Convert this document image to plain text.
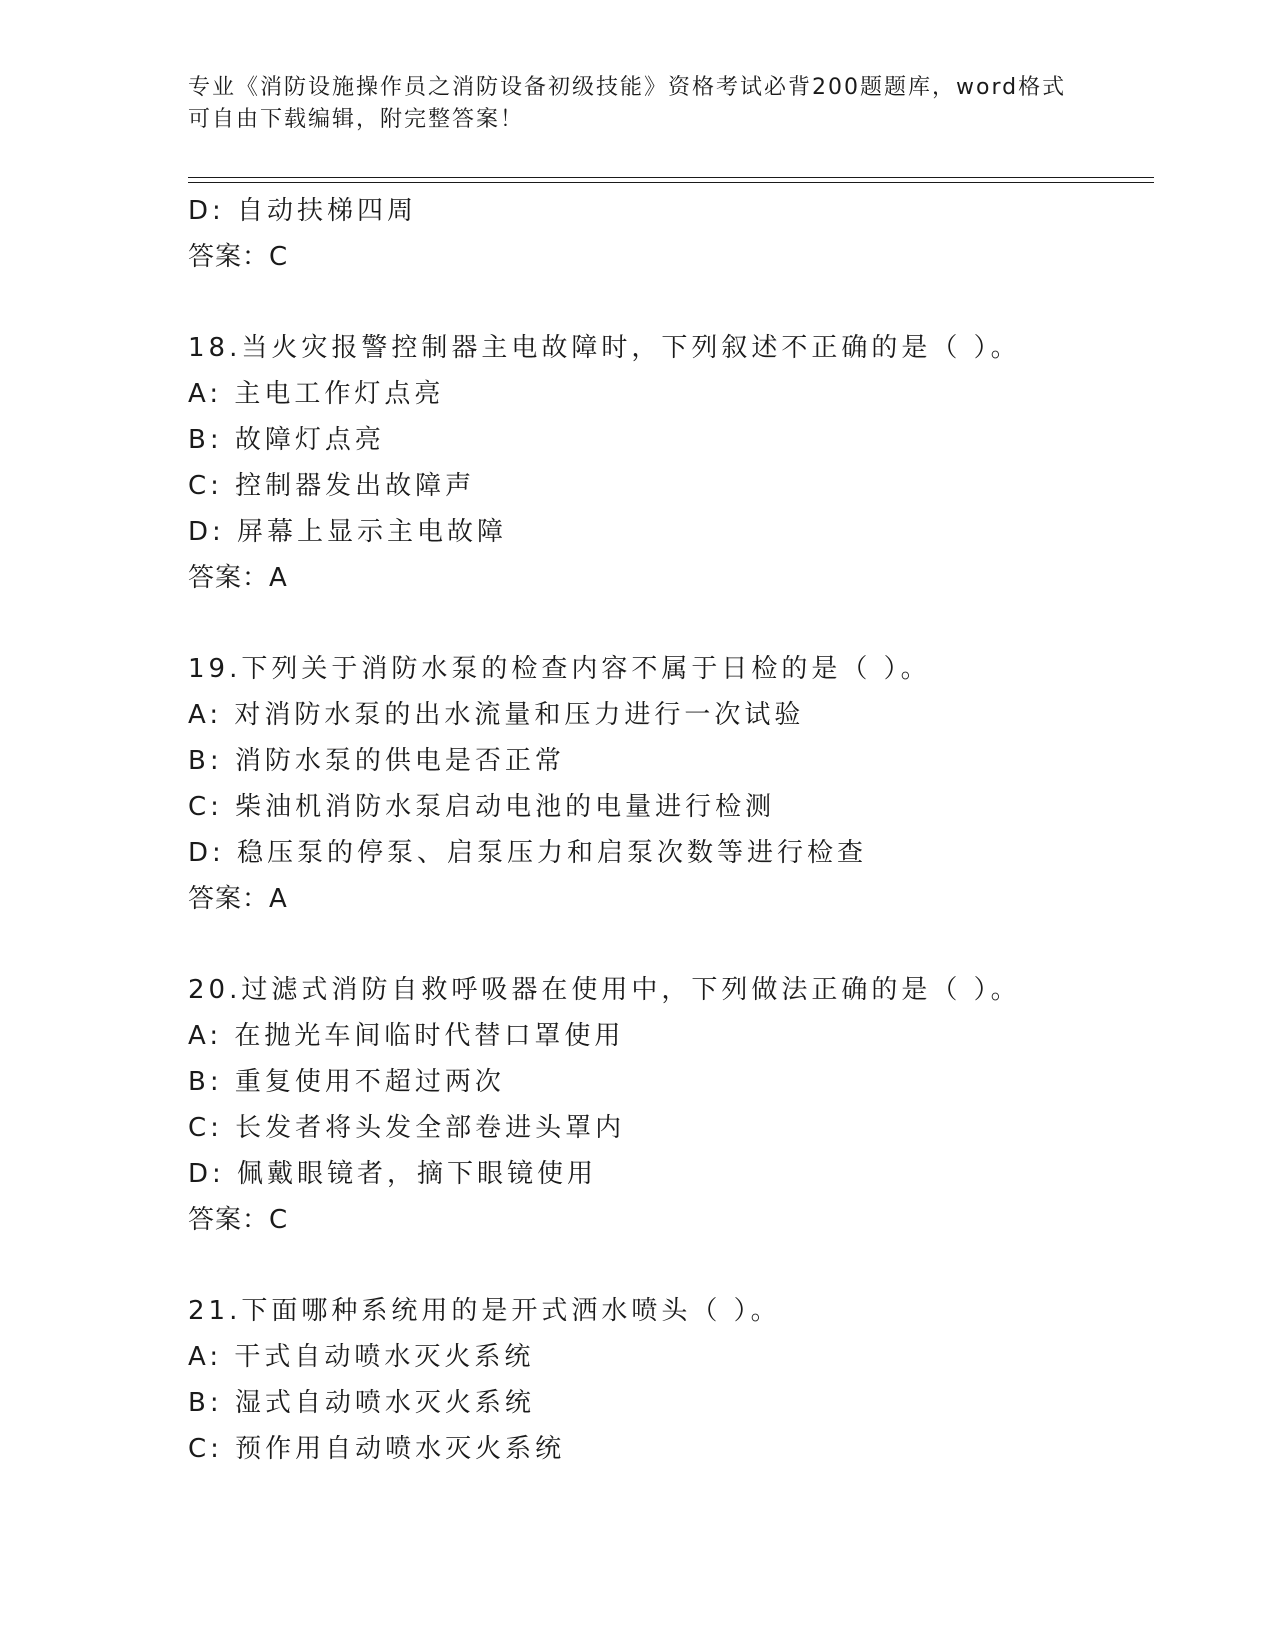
专业《消防设施操作员之消防设备初级技能》资格考试必背200题题库，word格式可自由下载编辑，附完整答案！
D: 自动扶梯四周
答案：C
18.当火灾报警控制器主电故障时，下列叙述不正确的是（ ）。
A: 主电工作灯点亮
B: 故障灯点亮
C: 控制器发出故障声
D: 屏幕上显示主电故障
答案：A
19.下列关于消防水泵的检查内容不属于日检的是（ ）。
A: 对消防水泵的出水流量和压力进行一次试验
B: 消防水泵的供电是否正常
C: 柴油机消防水泵启动电池的电量进行检测
D: 稳压泵的停泵、启泵压力和启泵次数等进行检查
答案：A
20.过滤式消防自救呼吸器在使用中，下列做法正确的是（ ）。
A: 在抛光车间临时代替口罩使用
B: 重复使用不超过两次
C: 长发者将头发全部卷进头罩内
D: 佩戴眼镜者，摘下眼镜使用
答案：C
21.下面哪种系统用的是开式洒水喷头（ ）。
A: 干式自动喷水灭火系统
B: 湿式自动喷水灭火系统
C: 预作用自动喷水灭火系统
